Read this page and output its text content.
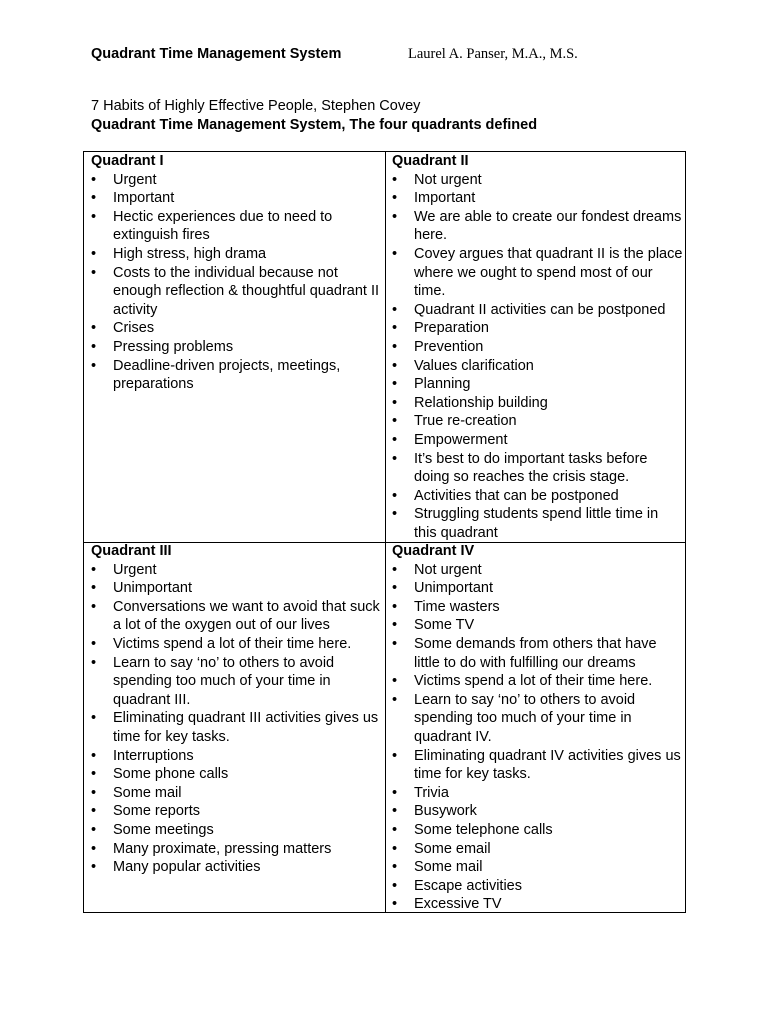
Quadrant Time Management System	Laurel A. Panser, M.A., M.S.
7 Habits of Highly Effective People, Stephen Covey
Quadrant Time Management System, The four quadrants defined
Quadrant I
• Urgent
• Important
• Hectic experiences due to need to extinguish fires
• High stress, high drama
• Costs to the individual because not enough reflection & thoughtful quadrant II activity
• Crises
• Pressing problems
• Deadline-driven projects, meetings, preparations
Quadrant II
• Not urgent
• Important
• We are able to create our fondest dreams here.
• Covey argues that quadrant II is the place where we ought to spend most of our time.
• Quadrant II activities can be postponed
• Preparation
• Prevention
• Values clarification
• Planning
• Relationship building
• True re-creation
• Empowerment
• It’s best to do important tasks before doing so reaches the crisis stage.
• Activities that can be postponed
• Struggling students spend little time in this quadrant
Quadrant III
• Urgent
• Unimportant
• Conversations we want to avoid that suck a lot of the oxygen out of our lives
• Victims spend a lot of their time here.
• Learn to say ‘no’ to others to avoid spending too much of your time in quadrant III.
• Eliminating quadrant III activities gives us time for key tasks.
• Interruptions
• Some phone calls
• Some mail
• Some reports
• Some meetings
• Many proximate, pressing matters
• Many popular activities
Quadrant IV
• Not urgent
• Unimportant
• Time wasters
• Some TV
• Some demands from others that have little to do with fulfilling our dreams
• Victims spend a lot of their time here.
• Learn to say ‘no’ to others to avoid spending too much of your time in quadrant IV.
• Eliminating quadrant IV activities gives us time for key tasks.
• Trivia
• Busywork
• Some telephone calls
• Some email
• Some mail
• Escape activities
• Excessive TV
